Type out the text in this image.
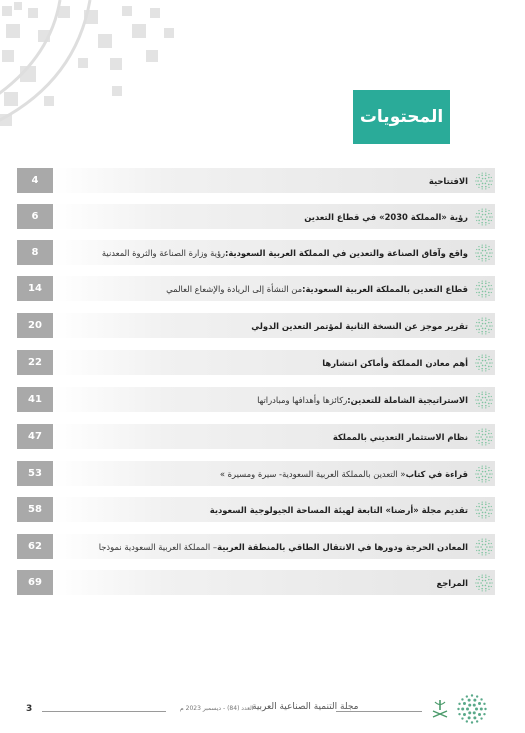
المحتويات
4	الافتتاحية
6	رؤية «المملكة 2030» في قطاع التعدين
8	واقع وآفاق الصناعة والتعدين في المملكة العربية السعودية:
رؤية وزارة الصناعة والثروة المعدنية
14	قطاع التعدين بالمملكة العربية السعودية:
من النشأة إلى الريادة والإشعاع العالمي
20	تقرير موجز عن النسخة الثانية لمؤتمر التعدين الدولي
22	أهم معادن المملكة وأماكن انتشارها
41	الاستراتيجية الشاملة للتعدين:
ركائزها وأهدافها ومبادراتها
47	نظام الاستثمار التعديني بالمملكة
53	قراءة في كتاب
« التعدين بالمملكة العربية السعودية- سيرة ومسيرة »
58	تقديم مجلة «أرضنا» التابعة لهيئة المساحة الجيولوجية السعودية
62	المعادن الحرجة ودورها في الانتقال الطاقي بالمنطقة العربية
– المملكة العربية السعودية نموذجا
69	المراجع
3	العدد (84) - ديسمبر 2023 م
مجلة التنمية الصناعية العربية
